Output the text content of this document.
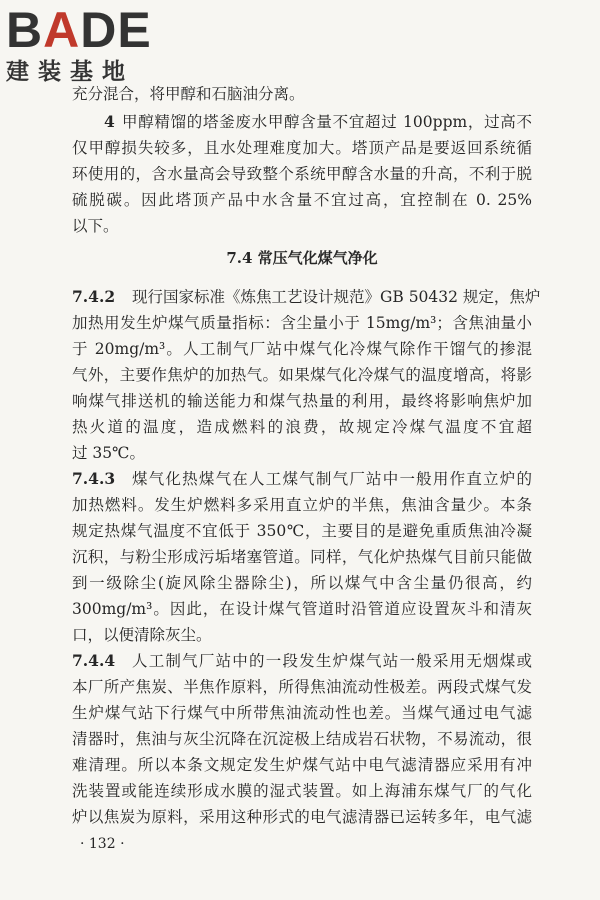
BADE
建装基地
充分混合，将甲醇和石脑油分离。
4 甲醇精馏的塔釜废水甲醇含量不宜超过 100ppm，过高不
仅甲醇损失较多，且水处理难度加大。塔顶产品是要返回系统循
环使用的，含水量高会导致整个系统甲醇含水量的升高，不利于脱
硫脱碳。因此塔顶产品中水含量不宜过高，宜控制在 0. 25%
以下。
7.4 常压气化煤气净化
7.4.2	现行国家标准《炼焦工艺设计规范》GB 50432 规定，焦炉
加热用发生炉煤气质量指标：含尘量小于 15mg/m³；含焦油量小
于 20mg/m³。人工制气厂站中煤气化冷煤气除作干馏气的掺混
气外，主要作焦炉的加热气。如果煤气化冷煤气的温度增高，将影
响煤气排送机的输送能力和煤气热量的利用，最终将影响焦炉加
热火道的温度，造成燃料的浪费，故规定冷煤气温度不宜超
过 35℃。
7.4.3	煤气化热煤气在人工煤气制气厂站中一般用作直立炉的
加热燃料。发生炉燃料多采用直立炉的半焦，焦油含量少。本条
规定热煤气温度不宜低于 350℃，主要目的是避免重质焦油冷凝
沉积，与粉尘形成污垢堵塞管道。同样，气化炉热煤气目前只能做
到一级除尘(旋风除尘器除尘)，所以煤气中含尘量仍很高，约
300mg/m³。因此，在设计煤气管道时沿管道应设置灰斗和清灰
口，以便清除灰尘。
7.4.4	人工制气厂站中的一段发生炉煤气站一般采用无烟煤或
本厂所产焦炭、半焦作原料，所得焦油流动性极差。两段式煤气发
生炉煤气站下行煤气中所带焦油流动性也差。当煤气通过电气滤
清器时，焦油与灰尘沉降在沉淀极上结成岩石状物，不易流动，很
难清理。所以本条文规定发生炉煤气站中电气滤清器应采用有冲
洗装置或能连续形成水膜的湿式装置。如上海浦东煤气厂的气化
炉以焦炭为原料，采用这种形式的电气滤清器已运转多年，电气滤
· 132 ·
